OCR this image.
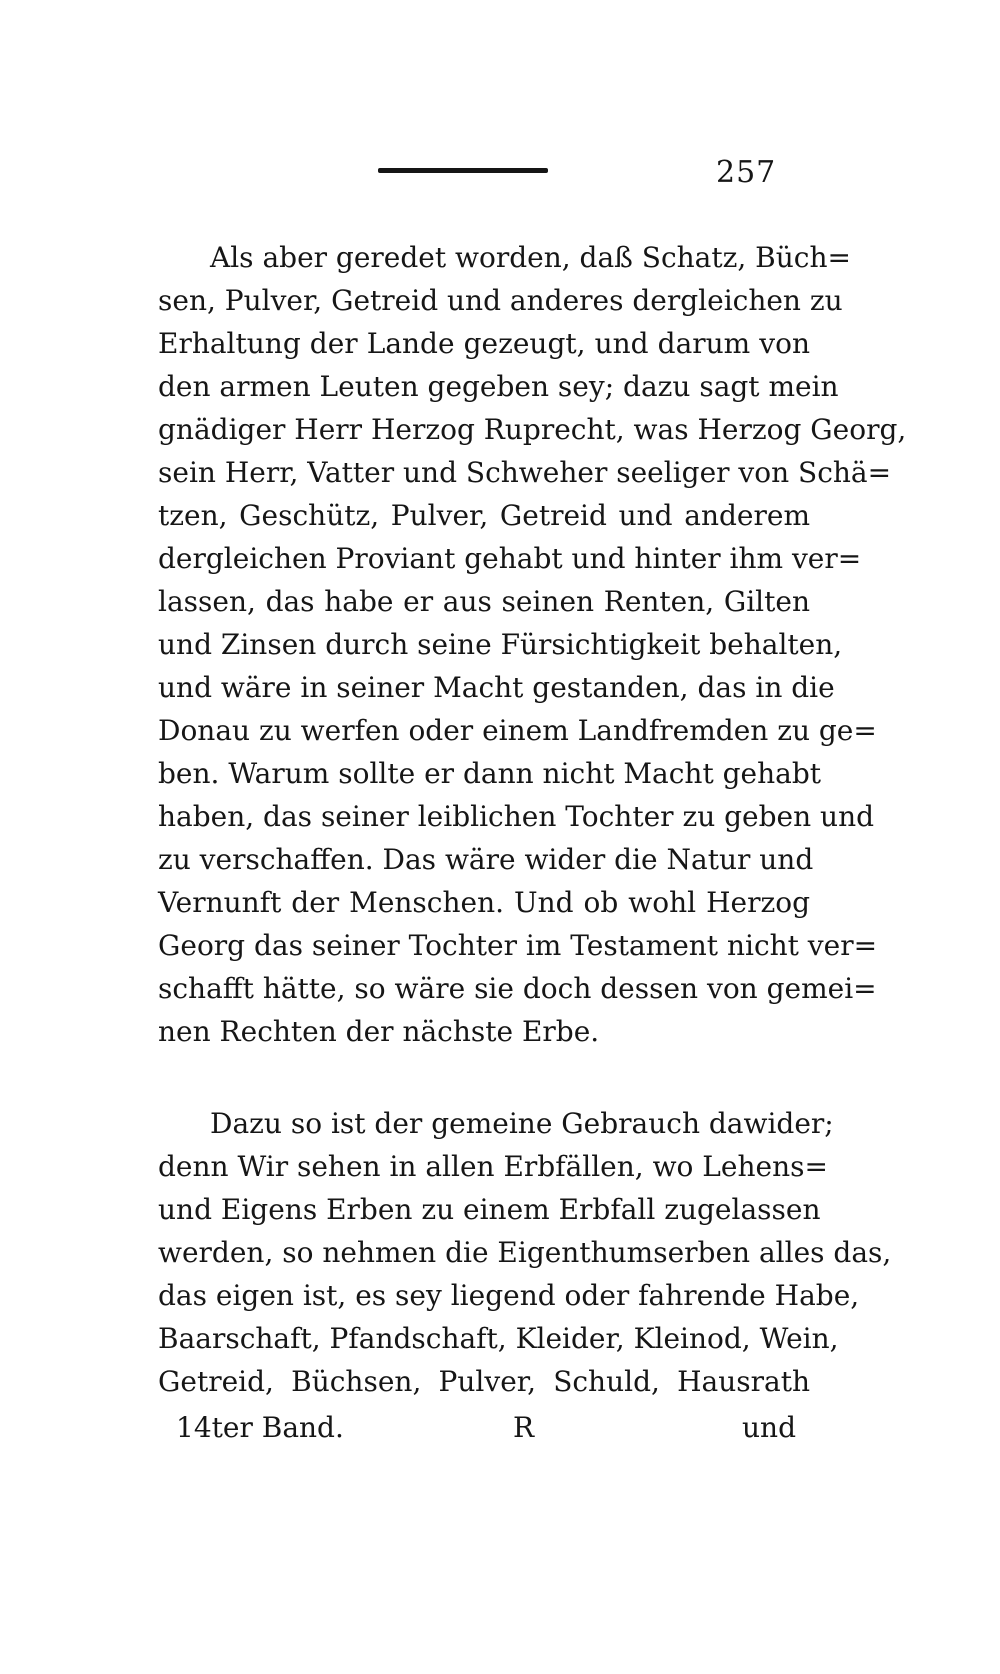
257
Als aber geredet worden, daß Schatz, Büch=
sen, Pulver, Getreid und anderes dergleichen zu
Erhaltung der Lande gezeugt, und darum von
den armen Leuten gegeben sey; dazu sagt mein
gnädiger Herr Herzog Ruprecht, was Herzog Georg,
sein Herr, Vatter und Schweher seeliger von Schä=
tzen, Geschütz, Pulver, Getreid und anderem
dergleichen Proviant gehabt und hinter ihm ver=
lassen, das habe er aus seinen Renten, Gilten
und Zinsen durch seine Fürsichtigkeit behalten,
und wäre in seiner Macht gestanden, das in die
Donau zu werfen oder einem Landfremden zu ge=
ben. Warum sollte er dann nicht Macht gehabt
haben, das seiner leiblichen Tochter zu geben und
zu verschaffen. Das wäre wider die Natur und
Vernunft der Menschen. Und ob wohl Herzog
Georg das seiner Tochter im Testament nicht ver=
schafft hätte, so wäre sie doch dessen von gemei=
nen Rechten der nächste Erbe.
Dazu so ist der gemeine Gebrauch dawider;
denn Wir sehen in allen Erbfällen, wo Lehens=
und Eigens Erben zu einem Erbfall zugelassen
werden, so nehmen die Eigenthumserben alles das,
das eigen ist, es sey liegend oder fahrende Habe,
Baarschaft, Pfandschaft, Kleider, Kleinod, Wein,
Getreid, Büchsen, Pulver, Schuld, Hausrath
14ter Band.	R	und
